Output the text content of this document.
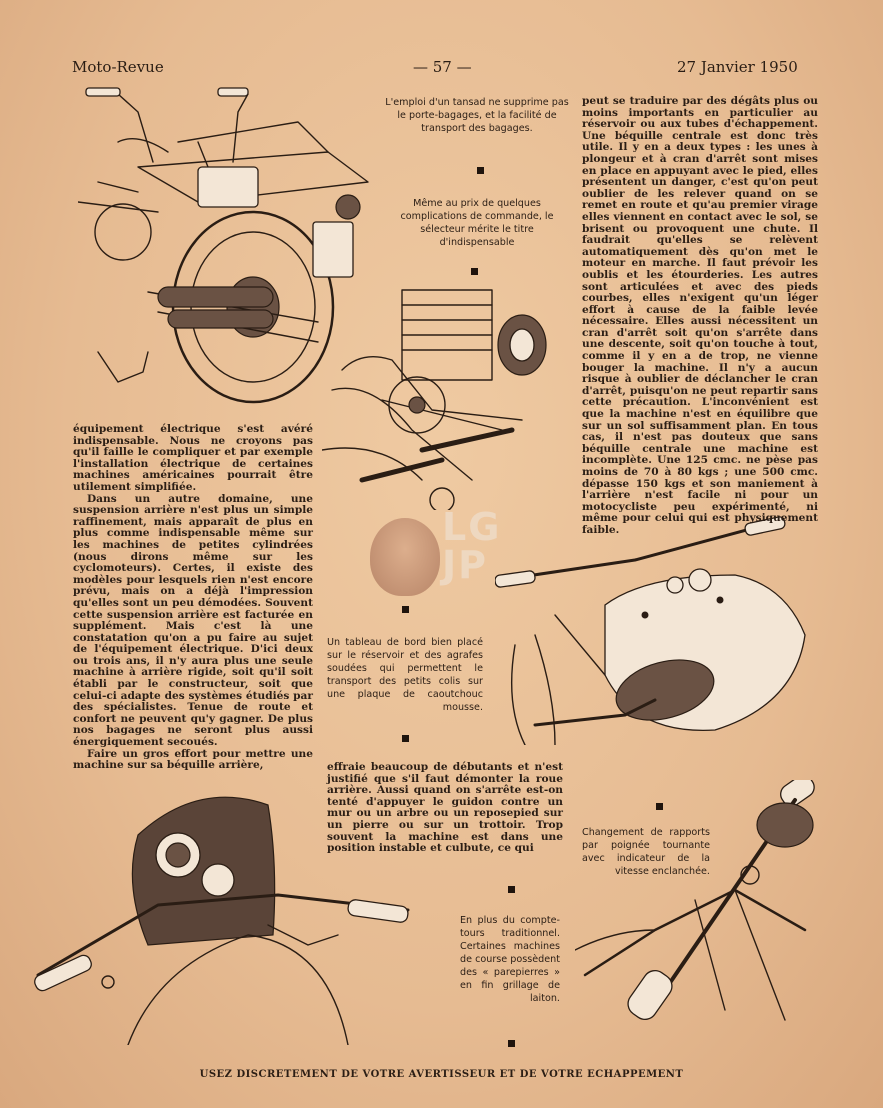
Moto-Revue	— 57 —	27 Janvier 1950
LG JP
L'emploi d'un tansad ne supprime pas le porte-bagages, et la facilité de transport des bagages.
Même au prix de quelques complications de commande, le sélecteur mérite le titre d'indispensable
peut se traduire par des dégâts plus ou moins importants en particulier au réservoir ou aux tubes d'échappement. Une béquille centrale est donc très utile. Il y en a deux types : les unes à plongeur et à cran d'arrêt sont mises en place en appuyant avec le pied, elles présentent un danger, c'est qu'on peut oublier de les relever quand on se remet en route et qu'au premier virage elles viennent en contact avec le sol, se brisent ou provoquent une chute. Il faudrait qu'elles se relèvent automatiquement dès qu'on met le moteur en marche. Il faut prévoir les oublis et les étourderies. Les autres sont articulées et avec des pieds courbes, elles n'exigent qu'un léger effort à cause de la faible levée nécessaire. Elles aussi nécessitent un cran d'arrêt soit qu'on s'arrête dans une descente, soit qu'on touche à tout, comme il y en a de trop, ne vienne bouger la machine. Il n'y a aucun risque à oublier de déclancher le cran d'arrêt, puisqu'on ne peut repartir sans cette précaution. L'inconvénient est que la machine n'est en équilibre que sur un sol suffisamment plan. En tous cas, il n'est pas douteux que sans béquille centrale une machine est incomplète. Une 125 cmc. ne pèse pas moins de 70 à 80 kgs ; une 500 cmc. dépasse 150 kgs et son maniement à l'arrière n'est facile ni pour un motocycliste peu expérimenté, ni même pour celui qui est physiquement faible.

équipement électrique s'est avéré indispensable. Nous ne croyons pas qu'il faille le compliquer et par exemple l'installation électrique de certaines machines américaines pourrait être utilement simplifiée.

Dans un autre domaine, une suspension arrière n'est plus un simple raffinement, mais apparaît de plus en plus comme indispensable même sur les machines de petites cylindrées (nous dirons même sur les cyclomoteurs). Certes, il existe des modèles pour lesquels rien n'est encore prévu, mais on a déjà l'impression qu'elles sont un peu démodées. Souvent cette suspension arrière est facturée en supplément. Mais c'est là une constatation qu'on a pu faire au sujet de l'équipement électrique. D'ici deux ou trois ans, il n'y aura plus une seule machine à arrière rigide, soit qu'il soit établi par le constructeur, soit que celui-ci adapte des systèmes étudiés par des spécialistes. Tenue de route et confort ne peuvent qu'y gagner. De plus nos bagages ne seront plus aussi énergiquement secoués.

Faire un gros effort pour mettre une machine sur sa béquille arrière,

Un tableau de bord bien placé sur le réservoir et des agrafes soudées qui permettent le transport des petits colis sur une plaque de caoutchouc mousse.
effraie beaucoup de débutants et n'est justifié que s'il faut démonter la roue arrière. Aussi quand on s'arrête est-on tenté d'appuyer le guidon contre un mur ou un arbre ou un reposepied sur un pierre ou sur un trottoir. Trop souvent la machine est dans une position instable et culbute, ce qui
Changement de rapports par poignée tournante avec indicateur de la vitesse enclanchée.
En plus du compte-tours traditionnel. Certaines machines de course possèdent des « parepierres » en fin grillage de laiton.
USEZ DISCRETEMENT DE VOTRE AVERTISSEUR ET DE VOTRE ECHAPPEMENT
